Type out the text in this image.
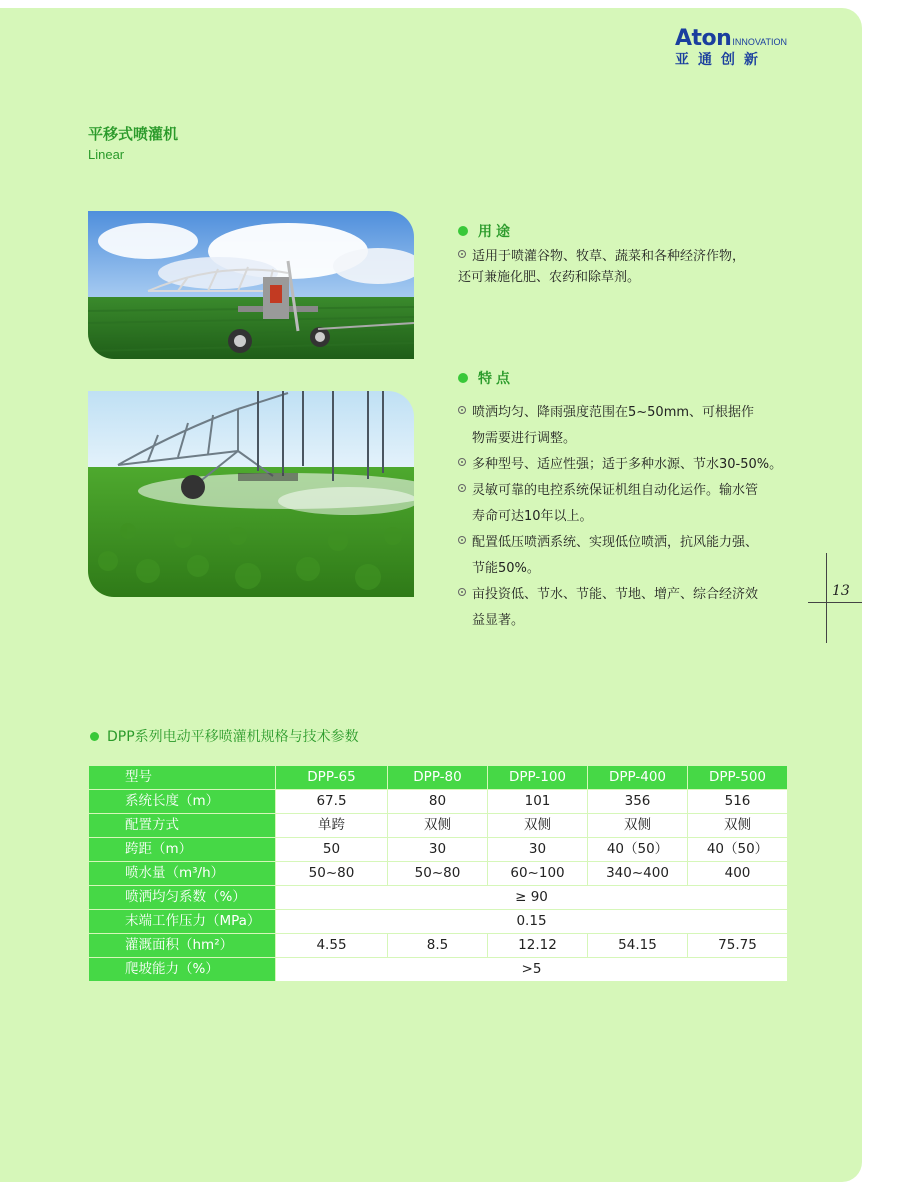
Aton INNOVATION
亚通创新
平移式喷灌机
Linear
用途
适用于喷灌谷物、牧草、蔬菜和各种经济作物，
还可兼施化肥、农药和除草剂。
特点
喷洒均匀、降雨强度范围在5~50mm、可根据作
物需要进行调整。
多种型号、适应性强；适于多种水源、节水30-50%。
灵敏可靠的电控系统保证机组自动化运作。输水管
寿命可达10年以上。
配置低压喷洒系统、实现低位喷洒，抗风能力强、
节能50%。
亩投资低、节水、节能、节地、增产、综合经济效
益显著。
13
DPP系列电动平移喷灌机规格与技术参数
型号	DPP-65	DPP-80	DPP-100	DPP-400	DPP-500
系统长度（m）	67.5	80	101	356	516
配置方式	单跨	双侧	双侧	双侧	双侧
跨距（m）	50	30	30	40（50）	40（50）
喷水量（m³/h）	50~80	50~80	60~100	340~400	400
喷洒均匀系数（%）	≥ 90				
末端工作压力（MPa）	0.15				
灌溉面积（hm²）	4.55	8.5	12.12	54.15	75.75
爬坡能力（%）	>5				
